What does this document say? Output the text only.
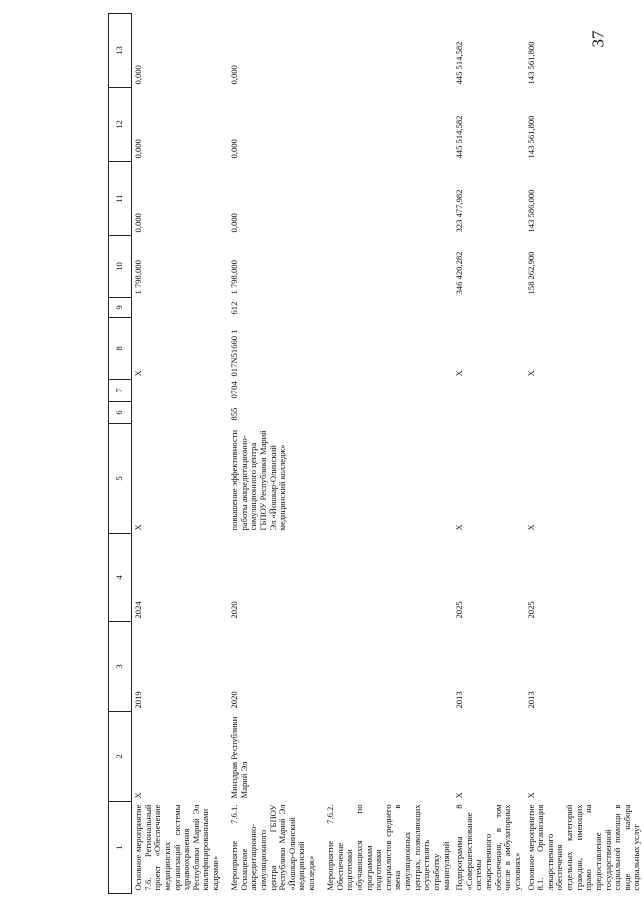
37
1	2	3	4	5	6	7	8	9	10	11	12	13
Основное мероприятие 7.6. Региональный проект «Обеспечение медицинских организаций системы здравоохранения Республики Марий Эл квалифицированными кадрами»	X	2019	2024	X			X		1 798,000	0,000	0,000	0,000
Мероприятие 7.6.1. Оснащение аккредитационно-симуляционного центра ГБПОУ Республики Марий Эл «Йошкар-Олинский медицинский колледж»	Минздрав Республики Марий Эл	2020	2020	повышение эффективности работы аккредитационно-симуляционного центра ГБПОУ Республики Марий Эл «Йошкар-Олинский медицинский колледж»	855	0704	017N51660 1	612	1 798,000	0,000	0,000	0,000
Мероприятие 7.6.2. Обеспечение подготовки обучающихся по программам подготовки специалистов среднего звена в симуляционных центрах, позволяющих осуществлять отработку манипуляций												
Подпрограмма 8 «Совершенствование системы лекарственного обеспечения, в том числе в амбулаторных условиях»	X	2013	2025	X			X		346 420,282	323 477,982	445 514,582	445 514,582
Основное мероприятие 8.1. Организация лекарственного обеспечения отдельных категорий граждан, имеющих право на предоставление государственной социальной помощи в виде набора социальных услуг	X	2013	2025	X			X		158 262,900	143 586,000	143 561,800	143 561,800
